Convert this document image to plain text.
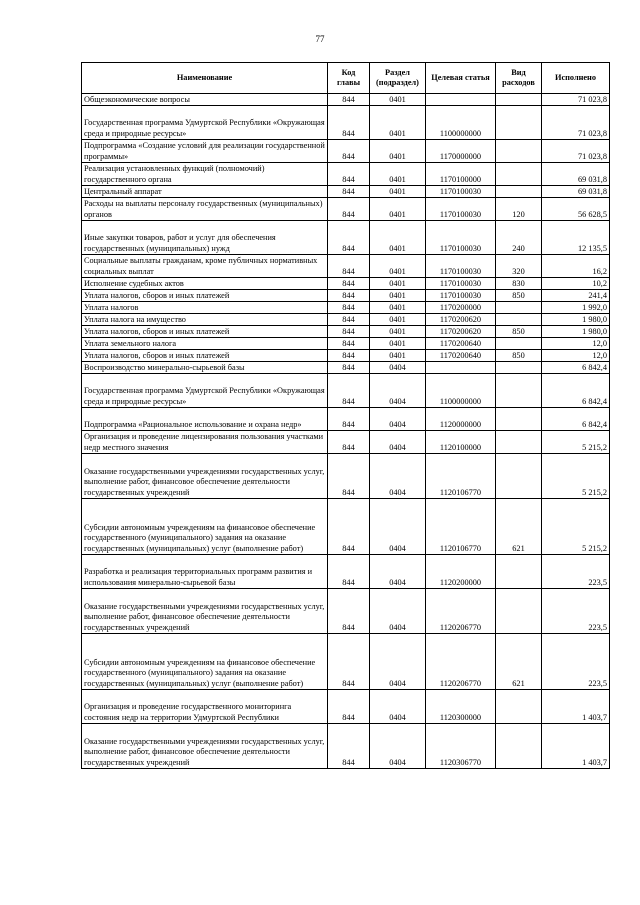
77
Наименование	Код главы	Раздел (подраздел)	Целевая статья	Вид расходов	Исполнено
Общеэкономические вопросы	844	0401			71 023,8
Государственная программа Удмуртской Республики «Окружающая среда и природные ресурсы»	844	0401	1100000000		71 023,8
Подпрограмма «Создание условий для реализации государственной программы»	844	0401	1170000000		71 023,8
Реализация установленных функций (полномочий) государственного органа	844	0401	1170100000		69 031,8
Центральный аппарат	844	0401	1170100030		69 031,8
Расходы на выплаты персоналу государственных (муниципальных) органов	844	0401	1170100030	120	56 628,5
Иные закупки товаров, работ и услуг для обеспечения государственных (муниципальных) нужд	844	0401	1170100030	240	12 135,5
Социальные выплаты гражданам, кроме публичных нормативных социальных выплат	844	0401	1170100030	320	16,2
Исполнение судебных актов	844	0401	1170100030	830	10,2
Уплата налогов, сборов и иных платежей	844	0401	1170100030	850	241,4
Уплата налогов	844	0401	1170200000		1 992,0
Уплата налога на имущество	844	0401	1170200620		1 980,0
Уплата налогов, сборов и иных платежей	844	0401	1170200620	850	1 980,0
Уплата земельного налога	844	0401	1170200640		12,0
Уплата налогов, сборов и иных платежей	844	0401	1170200640	850	12,0
Воспроизводство минерально-сырьевой базы	844	0404			6 842,4
Государственная программа Удмуртской Республики «Окружающая среда и природные ресурсы»	844	0404	1100000000		6 842,4
Подпрограмма «Рациональное использование и охрана недр»	844	0404	1120000000		6 842,4
Организация и проведение лицензирования пользования участками недр местного значения	844	0404	1120100000		5 215,2
Оказание государственными учреждениями государственных услуг, выполнение работ, финансовое обеспечение деятельности государственных учреждений	844	0404	1120106770		5 215,2
Субсидии автономным учреждениям на финансовое обеспечение государственного (муниципального) задания на оказание государственных (муниципальных) услуг (выполнение работ)	844	0404	1120106770	621	5 215,2
Разработка и реализация территориальных программ развития и использования минерально-сырьевой базы	844	0404	1120200000		223,5
Оказание государственными учреждениями государственных услуг, выполнение работ, финансовое обеспечение деятельности государственных учреждений	844	0404	1120206770		223,5
Субсидии автономным учреждениям на финансовое обеспечение государственного (муниципального) задания на оказание государственных (муниципальных) услуг (выполнение работ)	844	0404	1120206770	621	223,5
Организация и проведение государственного мониторинга состояния недр на территории Удмуртской Республики	844	0404	1120300000		1 403,7
Оказание государственными учреждениями государственных услуг, выполнение работ, финансовое обеспечение деятельности государственных учреждений	844	0404	1120306770		1 403,7
